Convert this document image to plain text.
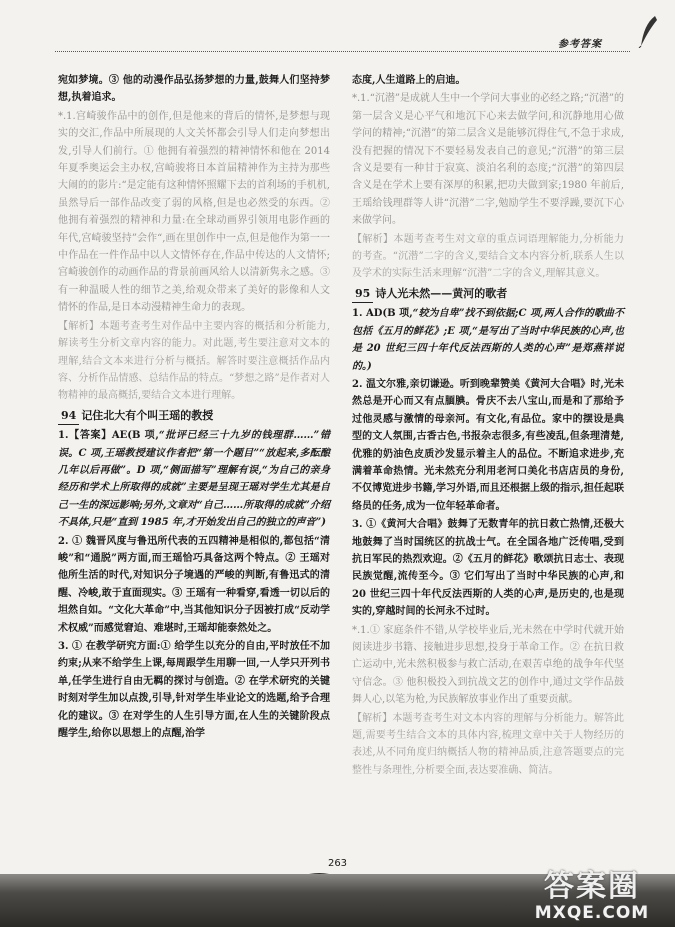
参考答案

宛如梦境。③ 他的动漫作品弘扬梦想的力量,鼓舞人们坚持梦想,执着追求。

*.1.宫崎骏作品中的创作,但是他来的背后的情怀,是梦想与现实的交汇,作品中所展现的人文关怀都会引导人们走向梦想出发,引导人们前行。① 他拥有着强烈的精神情怀和他在 2014 年夏季奥运会主办权,宫崎骏将日本首届精神作为主持为那些大闹的的影片:“是定能有这种情怀照耀下去的首利场的手机机,虽然导后一部作品改变了弱的风格,但是也必然受的东西。② 他拥有着强烈的精神和力量:在全球动画界引领用电影作画的年代,宫崎骏坚持”会作“,画在里创作中一点,但是他作为第一一中作品在一件作品中以人文情怀存在,作品中传达的人文情怀;宫崎骏创作的动画作品的背景前画风给人以清新隽永之感。③ 有一种温暖人性的细节之美,给观众带来了美好的影像和人文情怀的作品,是日本动漫精神生命力的表现。

【解析】本题考查考生对作品中主要内容的概括和分析能力,解读考生分析文章内容的能力。对此题,考生要注意对文本的理解,结合文本来进行分析与概括。解答时要注意概括作品内容、分析作品情感、总结作品的特点。“梦想之路”是作者对人物精神的最高概括,要结合文本进行理解。

94 记住北大有个叫王瑶的教授

1.【答案】AE(B 项,“批评已经三十九岁的钱理群……”错误。C 项,王瑶教授建议作者把“第一个题目”“放起来,多酝酿几年以后再做”。D 项,“侧面描写”理解有误,“为自己的亲身经历和学术上所取得的成就”主要是呈现王瑶对学生尤其是自己一生的深远影响;另外,文章对“自己……所取得的成就”介绍不具体,只是“直到 1985 年,才开始发出自己的独立的声音”)

2. ① 魏晋风度与鲁迅所代表的五四精神是相似的,都包括“清峻”和“通脱”两方面,而王瑶恰巧具备这两个特点。② 王瑶对他所生活的时代,对知识分子境遇的严峻的判断,有鲁迅式的清醒、冷峻,敢于直面现实。③ 王瑶有一种看穿,看透一切以后的坦然自如。“文化大革命”中,当其他知识分子因被打成“反动学术权威”而感觉窘迫、难堪时,王瑶却能泰然处之。

3. ① 在教学研究方面:① 给学生以充分的自由,平时放任不加约束;从来不给学生上课,每周跟学生用聊一回,一人学只开列书单,任学生进行自由无羁的探讨与创造。② 在学术研究的关键时刻对学生加以点拨,引导,针对学生毕业论文的选题,给予合理化的建议。③ 在对学生的人生引导方面,在人生的关键阶段点醒学生,给你以思想上的点醒,治学

态度,人生道路上的启迪。

*.1.“沉潜”是成就人生中一个学问大事业的必经之路;“沉潜”的第一层含义是心平气和地沉下心来去做学问,和沉静地用心做学问的精神;“沉潜”的第二层含义是能够沉得住气,不急于求成,没有把握的情况下不要轻易发表自己的意见;“沉潜”的第三层含义是要有一种甘于寂寞、淡泊名利的态度;“沉潜”的第四层含义是在学术上要有深厚的积累,把功夫做到家;1980 年前后,王瑶给钱理群等人讲“沉潜”二字,勉励学生不要浮躁,要沉下心来做学问。

【解析】本题考查考生对文章的重点词语理解能力,分析能力的考查。“沉潜”二字的含义,要结合文本内容分析,联系人生以及学术的实际生活来理解“沉潜”二字的含义,理解其意义。

95 诗人光未然——黄河的歌者

1. AD(B 项,“较为自卑”找不到依据;C 项,两人合作的歌曲不包括《五月的鲜花》;E 项,“是写出了当时中华民族的心声,也是 20 世纪三四十年代反法西斯的人类的心声”是郑燕祥说的。)

2. 温文尔雅,亲切谦逊。听到晚辈赞美《黄河大合唱》时,光未然总是开心而又有点腼腆。骨庆不去八宝山,而是和了那给予过他灵感与激情的母亲河。有文化,有品位。家中的摆设是典型的文人氛围,古香古色,书报杂志很多,有些凌乱,但条理清楚,优雅的奶油色皮质沙发显示着主人的品位。不断追求进步,充满着革命热情。光未然充分利用老河口美化书店店员的身份,不仅博览进步书籍,学习外语,而且还根据上级的指示,担任起联络员的任务,成为一位年轻革命者。

3. ①《黄河大合唱》鼓舞了无数青年的抗日救亡热情,还极大地鼓舞了当时国统区的抗战士气。在全国各地广泛传唱,受到抗日军民的热烈欢迎。②《五月的鲜花》歌颂抗日志士、表现民族觉醒,流传至今。③ 它们写出了当时中华民族的心声,和 20 世纪三四十年代反法西斯的人类的心声,是历史的,也是现实的,穿越时间的长河永不过时。

*.1.① 家庭条件不错,从学校毕业后,光未然在中学时代就开始阅读进步书籍、接触进步思想,投身于革命工作。② 在抗日救亡运动中,光未然积极参与救亡活动,在艰苦卓绝的战争年代坚守信念。③ 他积极投入到抗战文艺的创作中,通过文学作品鼓舞人心,以笔为枪,为民族解放事业作出了重要贡献。

【解析】本题考查考生对文本内容的理解与分析能力。解答此题,需要考生结合文本的具体内容,梳理文章中关于人物经历的表述,从不同角度归纳概括人物的精神品质,注意答题要点的完整性与条理性,分析要全面,表达要准确、简洁。

263
答案圈
MXQE.COM
